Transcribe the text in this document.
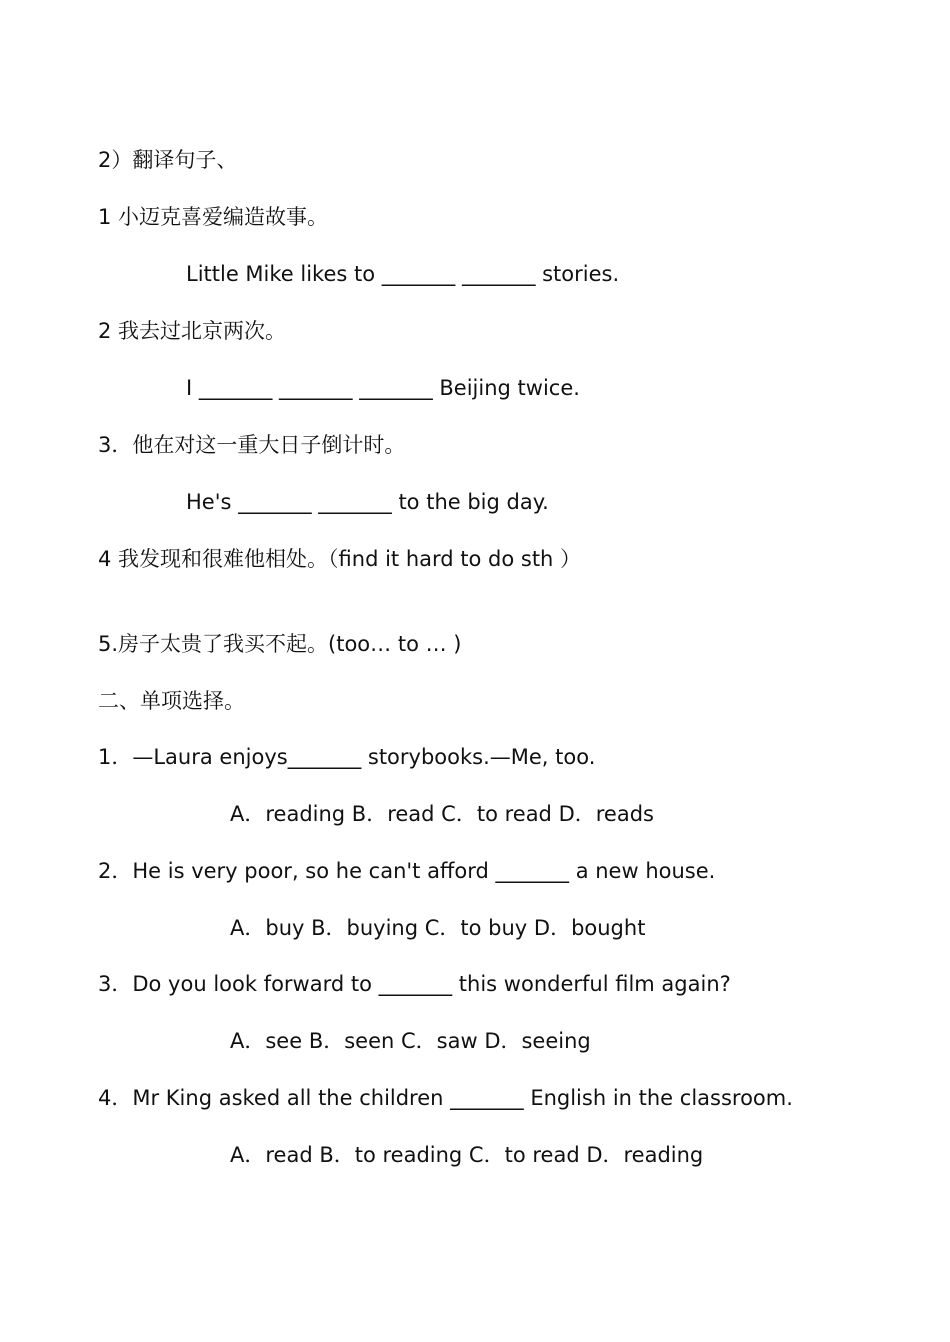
2）翻译句子、
1 小迈克喜爱编造故事。
Little Mike likes to _______ _______ stories.
2 我去过北京两次。
I _______ _______ _______ Beijing twice.
3．他在对这一重大日子倒计时。
He's _______ _______ to the big day.
4 我发现和很难他相处。（find it hard to do sth ）
5.房子太贵了我买不起。(too… to … )
二、单项选择。
1．—Laura enjoys_______ storybooks.—Me, too.
A．reading B．read C．to read D．reads
2．He is very poor, so he can't afford _______ a new house.
A．buy B．buying C．to buy D．bought
3．Do you look forward to _______ this wonderful film again?
A．see B．seen C．saw D．seeing
4．Mr King asked all the children _______ English in the classroom.
A．read B．to reading C．to read D．reading
